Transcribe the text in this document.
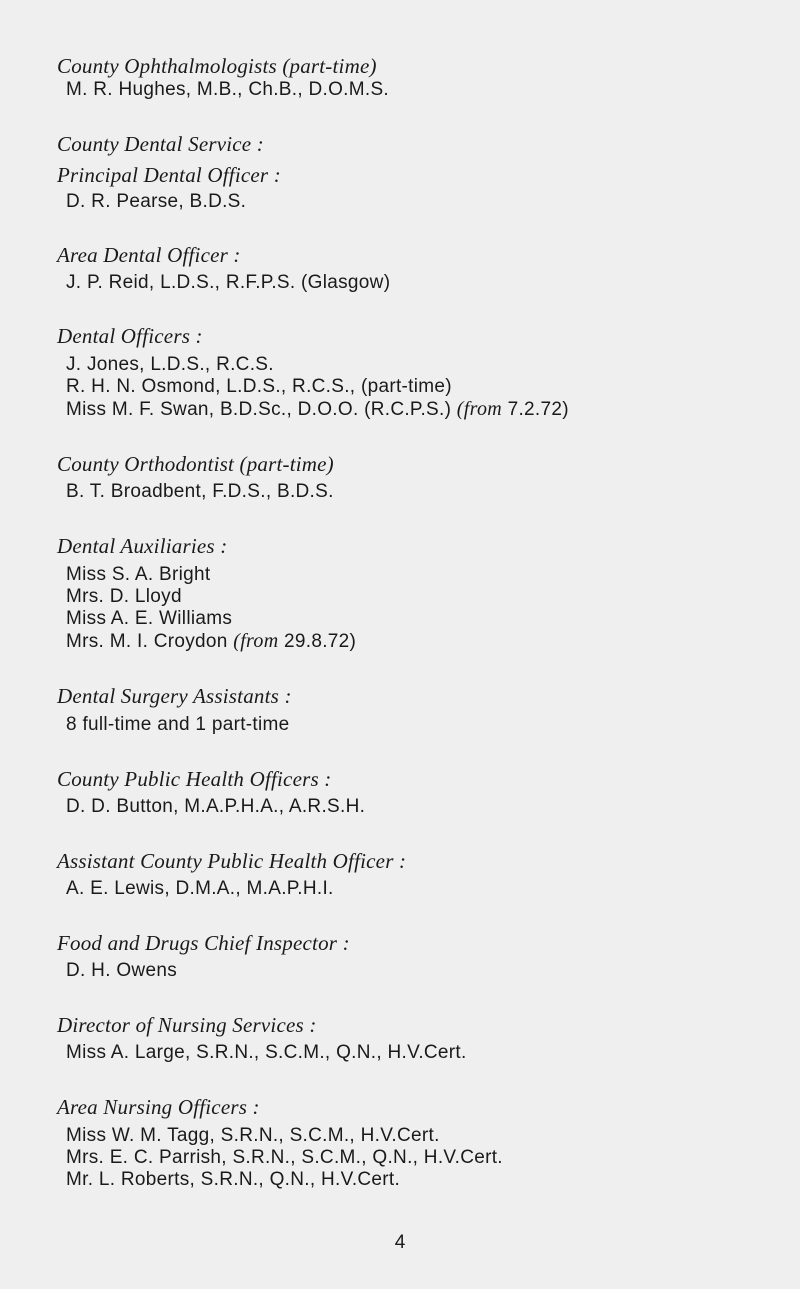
County Ophthalmologists (part-time)
M. R. Hughes, M.B., Ch.B., D.O.M.S.
County Dental Service :
Principal Dental Officer :
D. R. Pearse, B.D.S.
Area Dental Officer :
J. P. Reid, L.D.S., R.F.P.S. (Glasgow)
Dental Officers :
J. Jones, L.D.S., R.C.S.
R. H. N. Osmond, L.D.S., R.C.S., (part-time)
Miss M. F. Swan, B.D.Sc., D.O.O. (R.C.P.S.) (from 7.2.72)
County Orthodontist (part-time)
B. T. Broadbent, F.D.S., B.D.S.
Dental Auxiliaries :
Miss S. A. Bright
Mrs. D. Lloyd
Miss A. E. Williams
Mrs. M. I. Croydon (from 29.8.72)
Dental Surgery Assistants :
8 full-time and 1 part-time
County Public Health Officers :
D. D. Button, M.A.P.H.A., A.R.S.H.
Assistant County Public Health Officer :
A. E. Lewis, D.M.A., M.A.P.H.I.
Food and Drugs Chief Inspector :
D. H. Owens
Director of Nursing Services :
Miss A. Large, S.R.N., S.C.M., Q.N., H.V.Cert.
Area Nursing Officers :
Miss W. M. Tagg, S.R.N., S.C.M., H.V.Cert.
Mrs. E. C. Parrish, S.R.N., S.C.M., Q.N., H.V.Cert.
Mr. L. Roberts, S.R.N., Q.N., H.V.Cert.
4
